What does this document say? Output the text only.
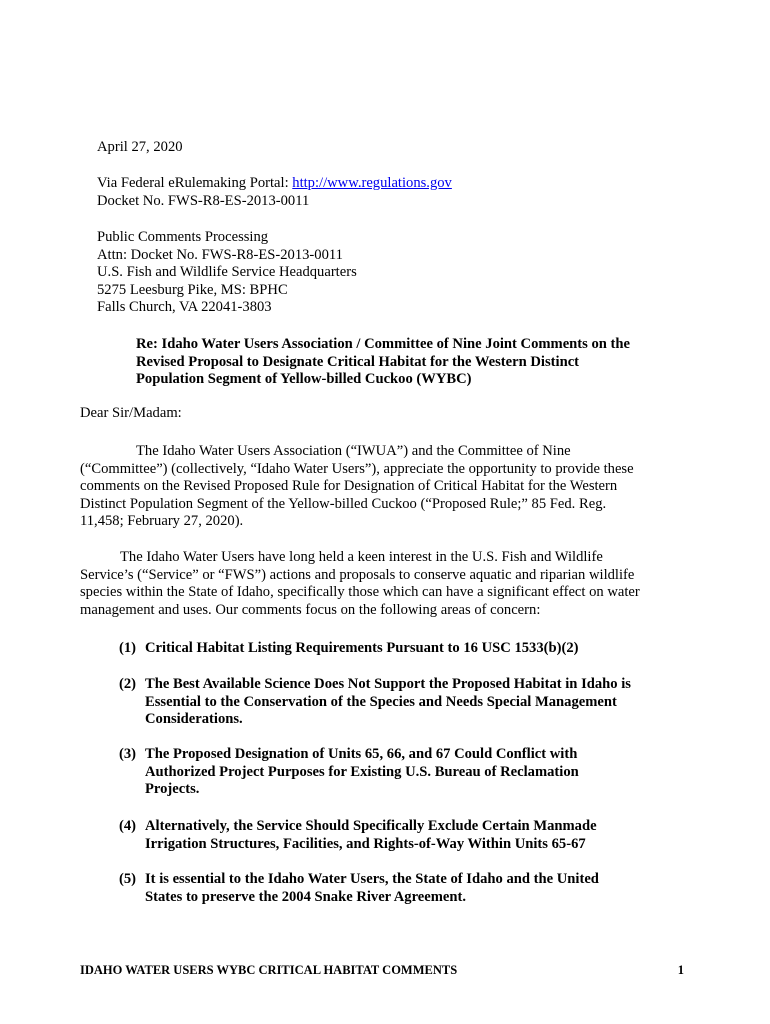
April 27, 2020
Via Federal eRulemaking Portal: http://www.regulations.gov
Docket No. FWS-R8-ES-2013-0011
Public Comments Processing
Attn: Docket No. FWS-R8-ES-2013-0011
U.S. Fish and Wildlife Service Headquarters
5275 Leesburg Pike, MS: BPHC
Falls Church, VA 22041-3803
Re: Idaho Water Users Association / Committee of Nine Joint Comments on the
Revised Proposal to Designate Critical Habitat for the Western Distinct
Population Segment of Yellow-billed Cuckoo (WYBC)
Dear Sir/Madam:
The Idaho Water Users Association (“IWUA”) and the Committee of Nine
(“Committee”) (collectively, “Idaho Water Users”), appreciate the opportunity to provide these
comments on the Revised Proposed Rule for Designation of Critical Habitat for the Western
Distinct Population Segment of the Yellow-billed Cuckoo (“Proposed Rule;” 85 Fed. Reg.
11,458; February 27, 2020).
The Idaho Water Users have long held a keen interest in the U.S. Fish and Wildlife
Service’s (“Service” or “FWS”) actions and proposals to conserve aquatic and riparian wildlife
species within the State of Idaho, specifically those which can have a significant effect on water
management and uses. Our comments focus on the following areas of concern:
(1) Critical Habitat Listing Requirements Pursuant to 16 USC 1533(b)(2)
(2) The Best Available Science Does Not Support the Proposed Habitat in Idaho is
Essential to the Conservation of the Species and Needs Special Management
Considerations.
(3) The Proposed Designation of Units 65, 66, and 67 Could Conflict with
Authorized Project Purposes for Existing U.S. Bureau of Reclamation
Projects.
(4) Alternatively, the Service Should Specifically Exclude Certain Manmade
Irrigation Structures, Facilities, and Rights-of-Way Within Units 65-67
(5) It is essential to the Idaho Water Users, the State of Idaho and the United
States to preserve the 2004 Snake River Agreement.
IDAHO WATER USERS WYBC CRITICAL HABITAT COMMENTS	1
